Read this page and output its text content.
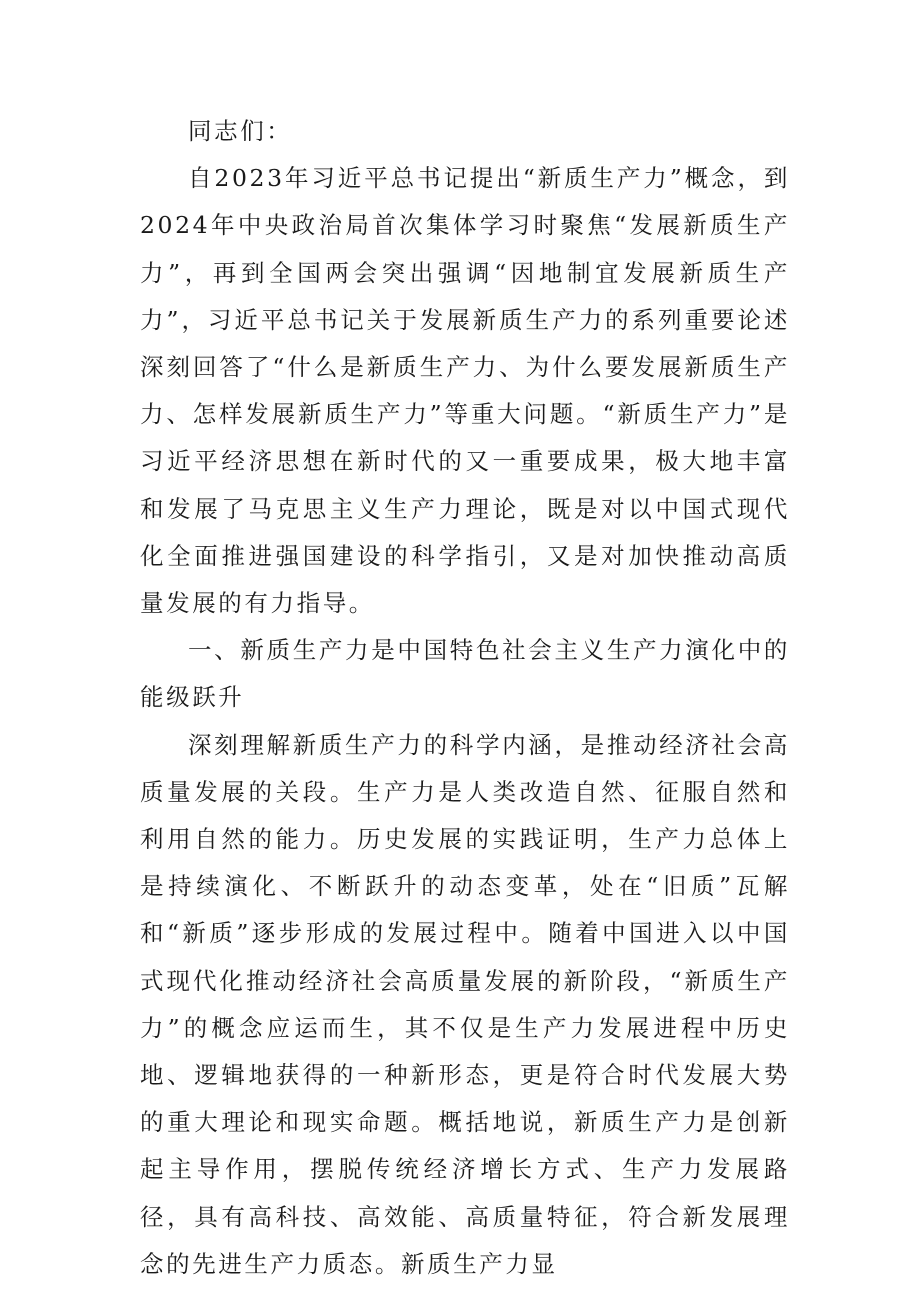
同志们：

自2023年习近平总书记提出“新质生产力”概念，到2024年中央政治局首次集体学习时聚焦“发展新质生产力”，再到全国两会突出强调“因地制宜发展新质生产力”，习近平总书记关于发展新质生产力的系列重要论述深刻回答了“什么是新质生产力、为什么要发展新质生产力、怎样发展新质生产力”等重大问题。“新质生产力”是习近平经济思想在新时代的又一重要成果，极大地丰富和发展了马克思主义生产力理论，既是对以中国式现代化全面推进强国建设的科学指引，又是对加快推动高质量发展的有力指导。

一、新质生产力是中国特色社会主义生产力演化中的能级跃升

深刻理解新质生产力的科学内涵，是推动经济社会高质量发展的关段。生产力是人类改造自然、征服自然和利用自然的能力。历史发展的实践证明，生产力总体上是持续演化、不断跃升的动态变革，处在“旧质”瓦解和“新质”逐步形成的发展过程中。随着中国进入以中国式现代化推动经济社会高质量发展的新阶段，“新质生产力”的概念应运而生，其不仅是生产力发展进程中历史地、逻辑地获得的一种新形态，更是符合时代发展大势的重大理论和现实命题。概括地说，新质生产力是创新起主导作用，摆脱传统经济增长方式、生产力发展路径，具有高科技、高效能、高质量特征，符合新发展理念的先进生产力质态。新质生产力显
